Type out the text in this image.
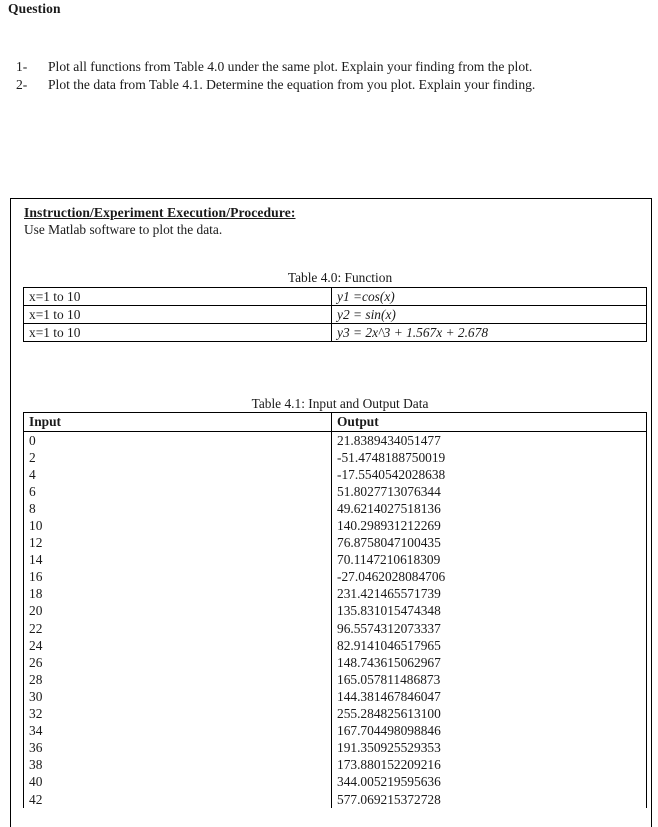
Question
1-	Plot all functions from Table 4.0 under the same plot. Explain your finding from the plot.
2-	Plot the data from Table 4.1. Determine the equation from you plot. Explain your finding.
Instruction/Experiment Execution/Procedure:
Use Matlab software to plot the data.
Table 4.0: Function
x=1 to 10	y1 =cos(x)
x=1 to 10	y2 = sin(x)
x=1 to 10	y3 = 2x^3 + 1.567x + 2.678
Table 4.1: Input and Output Data
Input	Output
0	21.8389434051477
2	-51.4748188750019
4	-17.5540542028638
6	51.8027713076344
8	49.6214027518136
10	140.298931212269
12	76.8758047100435
14	70.1147210618309
16	-27.0462028084706
18	231.421465571739
20	135.831015474348
22	96.5574312073337
24	82.9141046517965
26	148.743615062967
28	165.057811486873
30	144.381467846047
32	255.284825613100
34	167.704498098846
36	191.350925529353
38	173.880152209216
40	344.005219595636
42	577.069215372728
